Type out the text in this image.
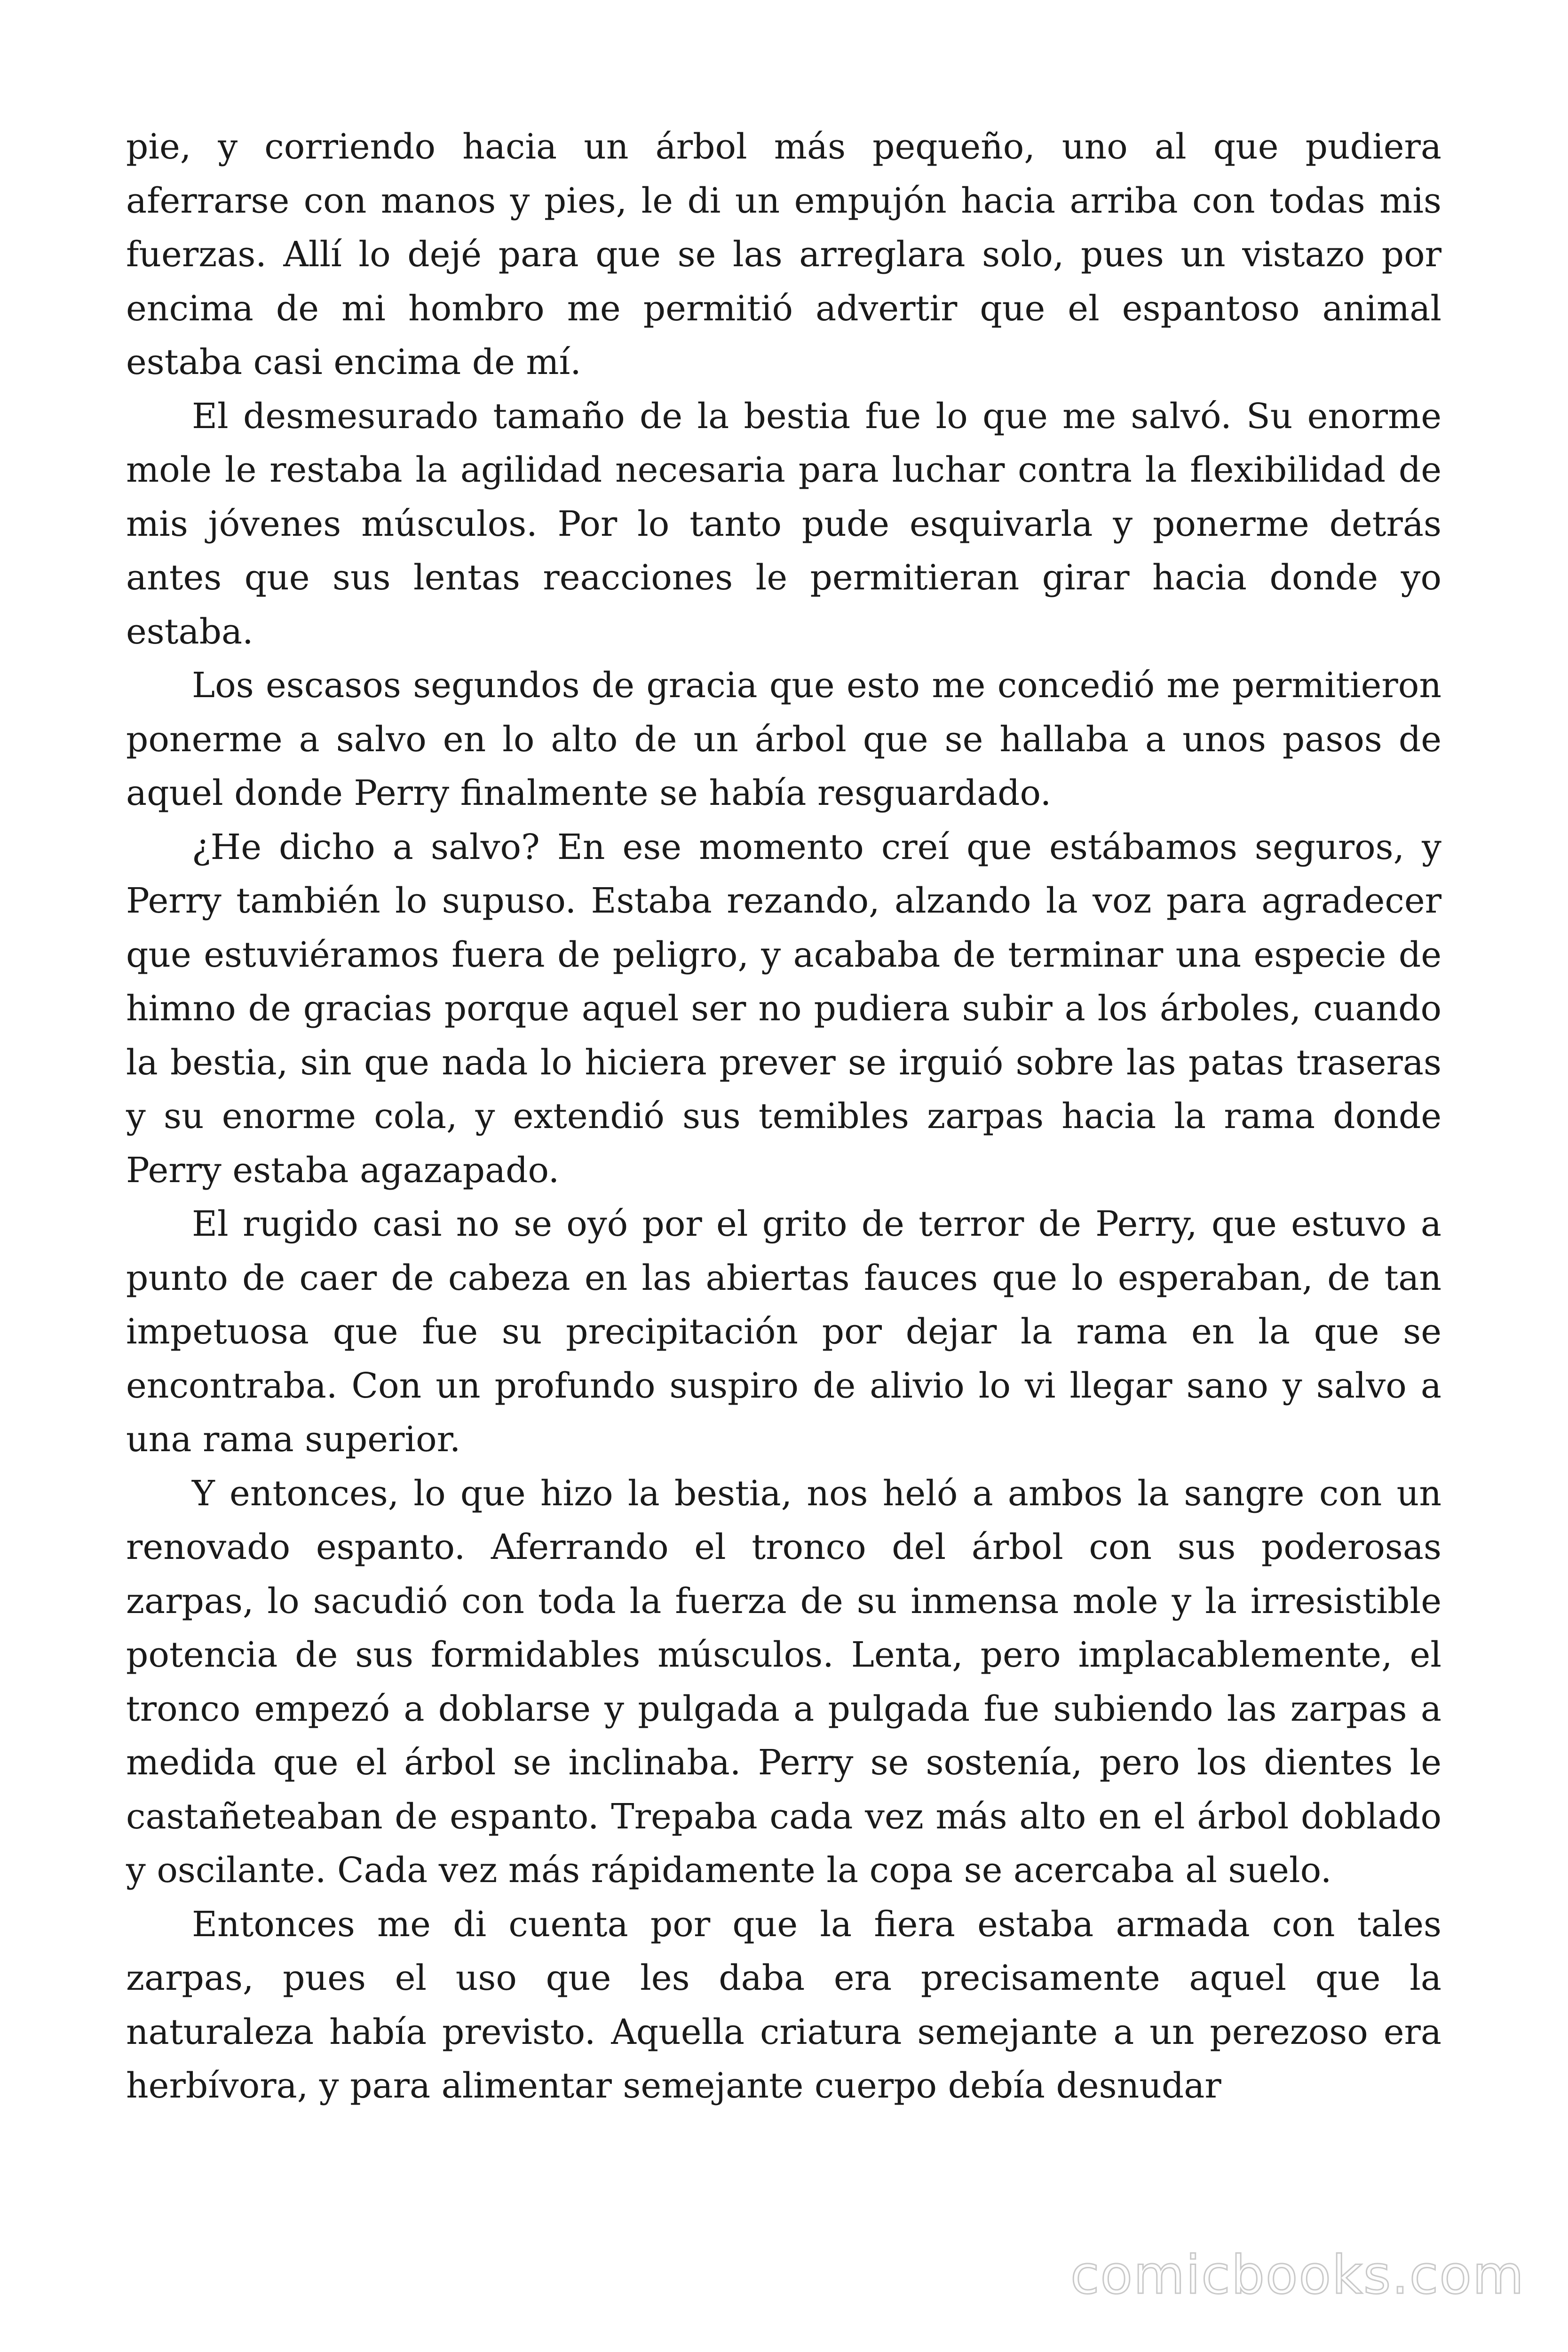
pie, y corriendo hacia un árbol más pequeño, uno al que pudiera aferrarse con manos y pies, le di un empujón hacia arriba con todas mis fuerzas. Allí lo dejé para que se las arreglara solo, pues un vistazo por encima de mi hombro me permitió advertir que el espantoso animal estaba casi encima de mí.

El desmesurado tamaño de la bestia fue lo que me salvó. Su enorme mole le restaba la agilidad necesaria para luchar contra la flexibilidad de mis jóvenes músculos. Por lo tanto pude esquivarla y ponerme detrás antes que sus lentas reacciones le permitieran girar hacia donde yo estaba.

Los escasos segundos de gracia que esto me concedió me permitieron ponerme a salvo en lo alto de un árbol que se hallaba a unos pasos de aquel donde Perry finalmente se había resguardado.

¿He dicho a salvo? En ese momento creí que estábamos seguros, y Perry también lo supuso. Estaba rezando, alzando la voz para agradecer que estuviéramos fuera de peligro, y acababa de terminar una especie de himno de gracias porque aquel ser no pudiera subir a los árboles, cuando la bestia, sin que nada lo hiciera prever se irguió sobre las patas traseras y su enorme cola, y extendió sus temibles zarpas hacia la rama donde Perry estaba agazapado.

El rugido casi no se oyó por el grito de terror de Perry, que estuvo a punto de caer de cabeza en las abiertas fauces que lo esperaban, de tan impetuosa que fue su precipitación por dejar la rama en la que se encontraba. Con un profundo suspiro de alivio lo vi llegar sano y salvo a una rama superior.

Y entonces, lo que hizo la bestia, nos heló a ambos la sangre con un renovado espanto. Aferrando el tronco del árbol con sus poderosas zarpas, lo sacudió con toda la fuerza de su inmensa mole y la irresistible potencia de sus formidables músculos. Lenta, pero implacablemente, el tronco empezó a doblarse y pulgada a pulgada fue subiendo las zarpas a medida que el árbol se inclinaba. Perry se sostenía, pero los dientes le castañeteaban de espanto. Trepaba cada vez más alto en el árbol doblado y oscilante. Cada vez más rápidamente la copa se acercaba al suelo.

Entonces me di cuenta por que la fiera estaba armada con tales zarpas, pues el uso que les daba era precisamente aquel que la naturaleza había previsto. Aquella criatura semejante a un perezoso era herbívora, y para alimentar semejante cuerpo debía desnudar

comicbooks.com
